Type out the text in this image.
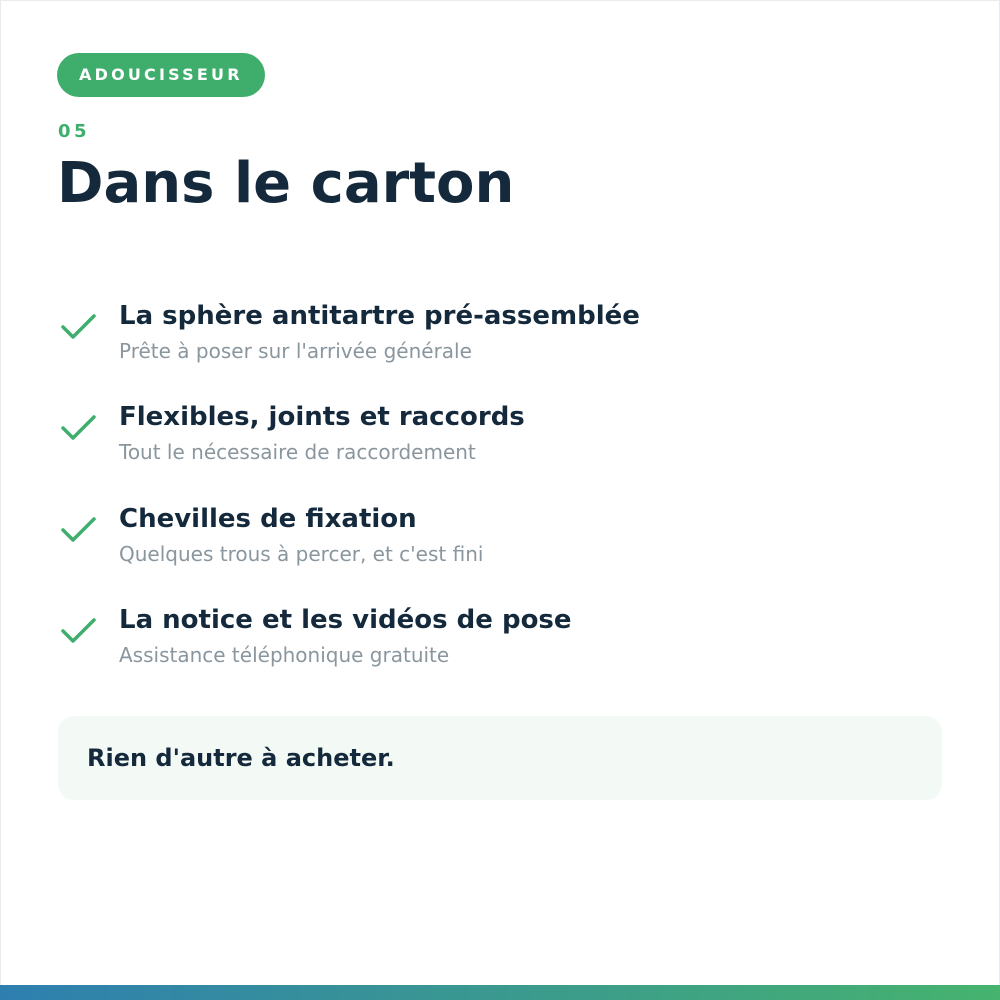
ADOUCISSEUR
05
Dans le carton
La sphère antitartre pré-assemblée
Prête à poser sur l'arrivée générale
Flexibles, joints et raccords
Tout le nécessaire de raccordement
Chevilles de fixation
Quelques trous à percer, et c'est fini
La notice et les vidéos de pose
Assistance téléphonique gratuite
Rien d'autre à acheter.
